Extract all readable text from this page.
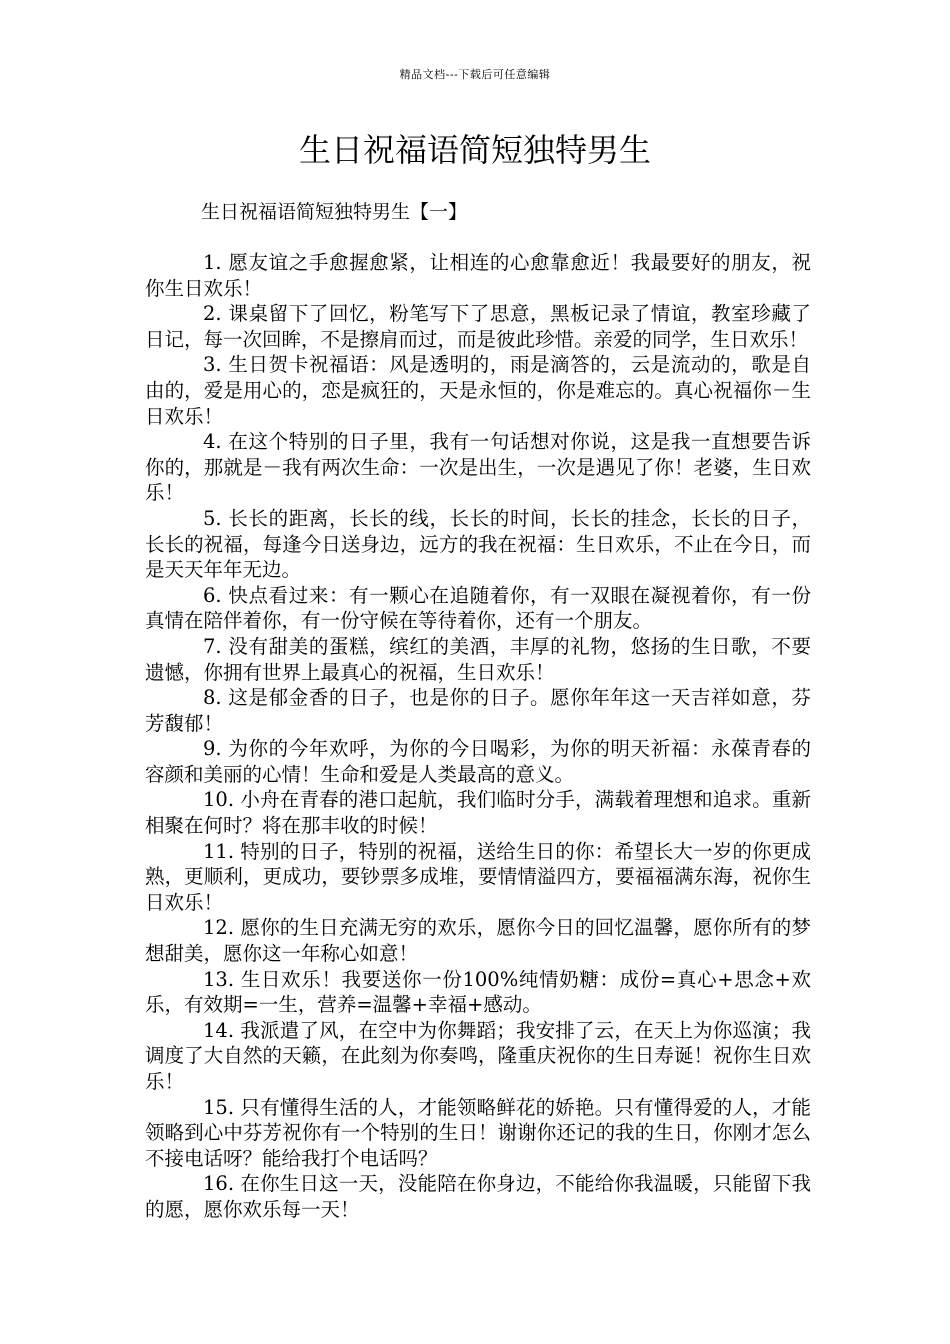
精品文档---下载后可任意编辑
生日祝福语简短独特男生
生日祝福语简短独特男生【一】

1. 愿友谊之手愈握愈紧，让相连的心愈靠愈近！我最要好的朋友，祝你生日欢乐！

2. 课桌留下了回忆，粉笔写下了思意，黑板记录了情谊，教室珍藏了日记，每一次回眸，不是擦肩而过，而是彼此珍惜。亲爱的同学，生日欢乐！

3. 生日贺卡祝福语：风是透明的，雨是滴答的，云是流动的，歌是自由的，爱是用心的，恋是疯狂的，天是永恒的，你是难忘的。真心祝福你－生日欢乐！

4. 在这个特别的日子里，我有一句话想对你说，这是我一直想要告诉你的，那就是－我有两次生命：一次是出生，一次是遇见了你！老婆，生日欢乐！

5. 长长的距离，长长的线，长长的时间，长长的挂念，长长的日子，长长的祝福，每逢今日送身边，远方的我在祝福：生日欢乐，不止在今日，而是天天年年无边。

6. 快点看过来：有一颗心在追随着你，有一双眼在凝视着你，有一份真情在陪伴着你，有一份守候在等待着你，还有一个朋友。

7. 没有甜美的蛋糕，缤红的美酒，丰厚的礼物，悠扬的生日歌，不要遗憾，你拥有世界上最真心的祝福，生日欢乐！

8. 这是郁金香的日子，也是你的日子。愿你年年这一天吉祥如意，芬芳馥郁！

9. 为你的今年欢呼，为你的今日喝彩，为你的明天祈福：永葆青春的容颜和美丽的心情！生命和爱是人类最高的意义。

10. 小舟在青春的港口起航，我们临时分手，满载着理想和追求。重新相聚在何时？将在那丰收的时候！

11. 特别的日子，特别的祝福，送给生日的你：希望长大一岁的你更成熟，更顺利，更成功，要钞票多成堆，要情情溢四方，要福福满东海，祝你生日欢乐！

12. 愿你的生日充满无穷的欢乐，愿你今日的回忆温馨，愿你所有的梦想甜美，愿你这一年称心如意！

13. 生日欢乐！我要送你一份100%纯情奶糖：成份=真心+思念+欢乐，有效期=一生，营养=温馨+幸福+感动。

14. 我派遣了风，在空中为你舞蹈；我安排了云，在天上为你巡演；我调度了大自然的天籁，在此刻为你奏鸣，隆重庆祝你的生日寿诞！祝你生日欢乐！

15. 只有懂得生活的人，才能领略鲜花的娇艳。只有懂得爱的人，才能领略到心中芬芳祝你有一个特别的生日！谢谢你还记的我的生日，你刚才怎么不接电话呀？能给我打个电话吗？

16. 在你生日这一天，没能陪在你身边，不能给你我温暖，只能留下我的愿，愿你欢乐每一天！
